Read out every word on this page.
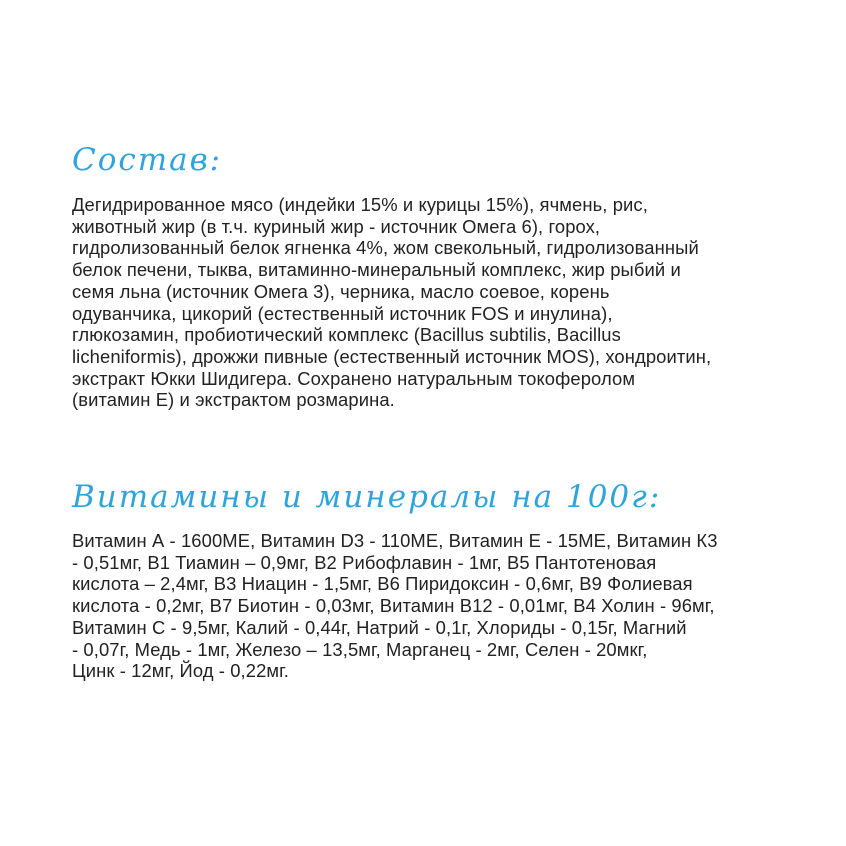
Состав:

Дегидрированное мясо (индейки 15% и курицы 15%), ячмень, рис,
животный жир (в т.ч. куриный жир - источник Омега 6), горох,
гидролизованный белок ягненка 4%, жом свекольный, гидролизованный
белок печени, тыква, витаминно-минеральный комплекс, жир рыбий и
семя льна (источник Омега 3), черника, масло соевое, корень
одуванчика, цикорий (естественный источник FOS и инулина),
глюкозамин, пробиотический комплекс (Bacillus subtilis, Bacillus
licheniformis), дрожжи пивные (естественный источник MOS), хондроитин,
экстракт Юкки Шидигера. Сохранено натуральным токоферолом
(витамин Е) и экстрактом розмарина.

Витамины и минералы на 100г:

Витамин А - 1600МЕ, Витамин D3 - 110МЕ, Витамин Е - 15МЕ, Витамин К3
- 0,51мг, В1 Тиамин – 0,9мг, В2 Рибофлавин - 1мг, В5 Пантотеновая
кислота – 2,4мг, В3 Ниацин - 1,5мг, В6 Пиридоксин - 0,6мг, В9 Фолиевая
кислота - 0,2мг, В7 Биотин - 0,03мг, Витамин В12 - 0,01мг, В4 Холин - 96мг,
Витамин С - 9,5мг, Калий - 0,44г, Натрий - 0,1г, Хлориды - 0,15г, Магний
- 0,07г, Медь - 1мг, Железо – 13,5мг, Марганец - 2мг, Селен - 20мкг,
Цинк - 12мг, Йод - 0,22мг.
